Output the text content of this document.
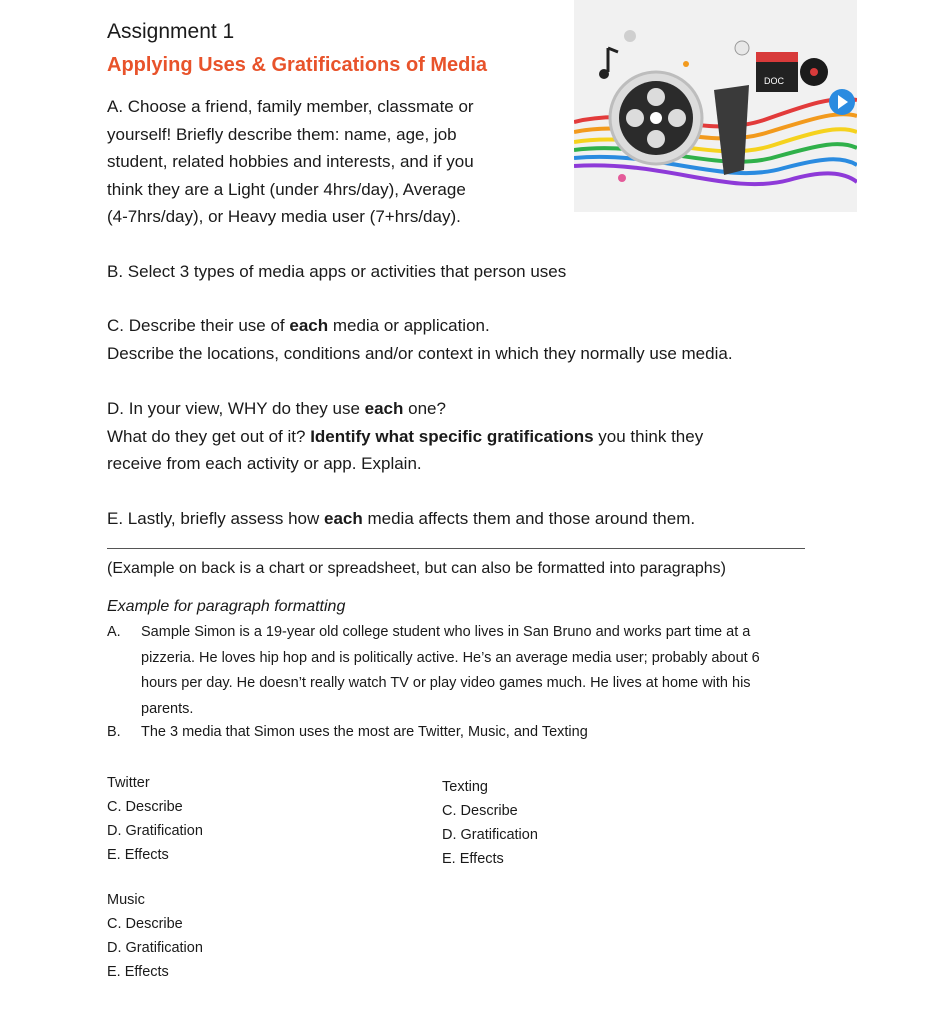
Assignment 1
Applying Uses & Gratifications of Media
A. Choose a friend, family member, classmate or
yourself! Briefly describe them: name, age, job
student, related hobbies and interests, and if you
think they are a Light (under 4hrs/day), Average
(4-7hrs/day), or Heavy media user (7+hrs/day).
B. Select 3 types of media apps or activities that person uses
C. Describe their use of each media or application.
Describe the locations, conditions and/or context in which they normally use media.
D. In your view, WHY do they use each one?
What do they get out of it? Identify what specific gratifications you think they
receive from each activity or app. Explain.
E. Lastly, briefly assess how each media affects them and those around them.
(Example on back is a chart or spreadsheet, but can also be formatted into paragraphs)
Example for paragraph formatting
A. Sample Simon is a 19-year old college student who lives in San Bruno and works part time at a
pizzeria. He loves hip hop and is politically active. He’s an average media user; probably about 6
hours per day. He doesn’t really watch TV or play video games much. He lives at home with his
parents.
B. The 3 media that Simon uses the most are Twitter, Music, and Texting
Twitter
C. Describe
D. Gratification
E. Effects
Texting
C. Describe
D. Gratification
E. Effects
Music
C. Describe
D. Gratification
E. Effects
DOC
